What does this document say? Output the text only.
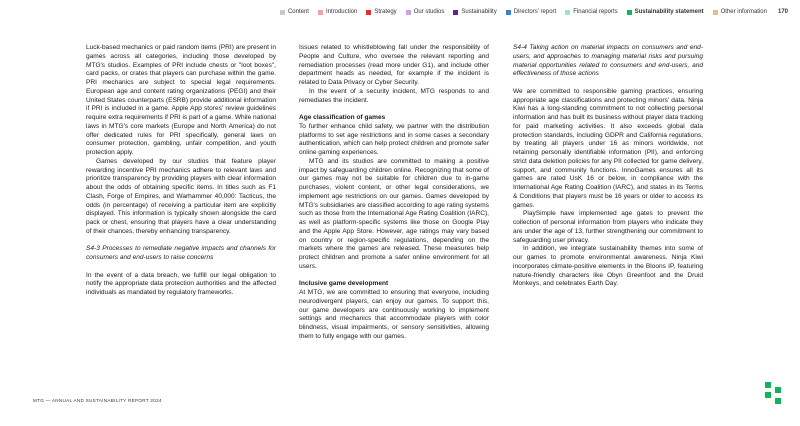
Content	Introduction	Strategy	Our studios	Sustainability	Directors' report	Financial reports	Sustainability statement	Other information 170

Luck-based mechanics or paid random items (PRI) are present in games across all categories, including those developed by MTG's studios. Examples of PRI include chests or "loot boxes", card packs, or crates that players can purchase within the game. PRI mechanics are subject to special legal requirements. European age and content rating organizations (PEGI) and their United States counterparts (ESRB) provide additional information if PRI is included in a game. Apple App stores' review guidelines require extra requirements if PRI is part of a game. While national laws in MTG's core markets (Europe and North America) do not offer dedicated rules for PRI specifically, general laws on consumer protection, gambling, unfair competition, and youth protection apply.

Games developed by our studios that feature player rewarding incentive PRI mechanics adhere to relevant laws and prioritize transparency by providing players with clear information about the odds of obtaining specific items. In titles such as F1 Clash, Forge of Empires, and Warhammer 40,000: Tacticus, the odds (in percentage) of receiving a particular item are explicitly displayed. This information is typically shown alongside the card pack or chest, ensuring that players have a clear understanding of their chances, thereby enhancing transparency.

S4-3 Processes to remediate negative impacts and channels for consumers and end-users to raise concerns

In the event of a data breach, we fulfill our legal obligation to notify the appropriate data protection authorities and the affected individuals as mandated by regulatory frameworks.

Issues related to whistleblowing fall under the responsibility of People and Culture, who oversee the relevant reporting and remediation processes (read more under G1), and include other department heads as needed, for example if the incident is related to Data Privacy or Cyber Security.

In the event of a security incident, MTG responds to and remediates the incident.

Age classification of games

To further enhance child safety, we partner with the distribution platforms to set age restrictions and in some cases a secondary authentication, which can help protect children and promote safer online gaming experiences.

MTG and its studios are committed to making a positive impact by safeguarding children online. Recognizing that some of our games may not be suitable for children due to in-game purchases, violent content, or other legal considerations, we implement age restrictions on our games. Games developed by MTG's subsidiaries are classified according to age rating systems such as those from the International Age Rating Coalition (IARC), as well as platform-specific systems like those on Google Play and the Apple App Store. However, age ratings may vary based on country or region-specific regulations, depending on the markets where the games are released. These measures help protect children and promote a safer online environment for all users.

Inclusive game development

At MTG, we are committed to ensuring that everyone, including neurodivergent players, can enjoy our games. To support this, our game developers are continuously working to implement settings and mechanics that accommodate players with color blindness, visual impairments, or sensory sensitivities, allowing them to fully engage with our games.

S4-4 Taking action on material impacts on consumers and end-users, and approaches to managing material risks and pursuing material opportunities related to consumers and end-users, and effectiveness of those actions

We are committed to responsible gaming practices, ensuring appropriate age classifications and protecting minors' data. Ninja Kiwi has a long-standing commitment to not collecting personal information and has built its business without player data tracking for paid marketing activities. It also exceeds global data protection standards, including GDPR and California regulations, by treating all players under 16 as minors worldwide, not retaining personally identifiable information (PII), and enforcing strict data deletion policies for any PII collected for game delivery, support, and community functions. InnoGames ensures all its games are rated UsK 16 or below, in compliance with the International Age Rating Coalition (IARC), and states in its Terms & Conditions that players must be 16 years or older to access its games.

PlaySimple have implemented age gates to prevent the collection of personal information from players who indicate they are under the age of 13, further strengthening our commitment to safeguarding user privacy.

In addition, we integrate sustainability themes into some of our games to promote environmental awareness. Ninja Kiwi incorporates climate-positive elements in the Bloons IP, featuring nature-friendly characters like Obyn Greenfoot and the Druid Monkeys, and celebrates Earth Day.

MTG — ANNUAL AND SUSTAINABILITY REPORT 2024
